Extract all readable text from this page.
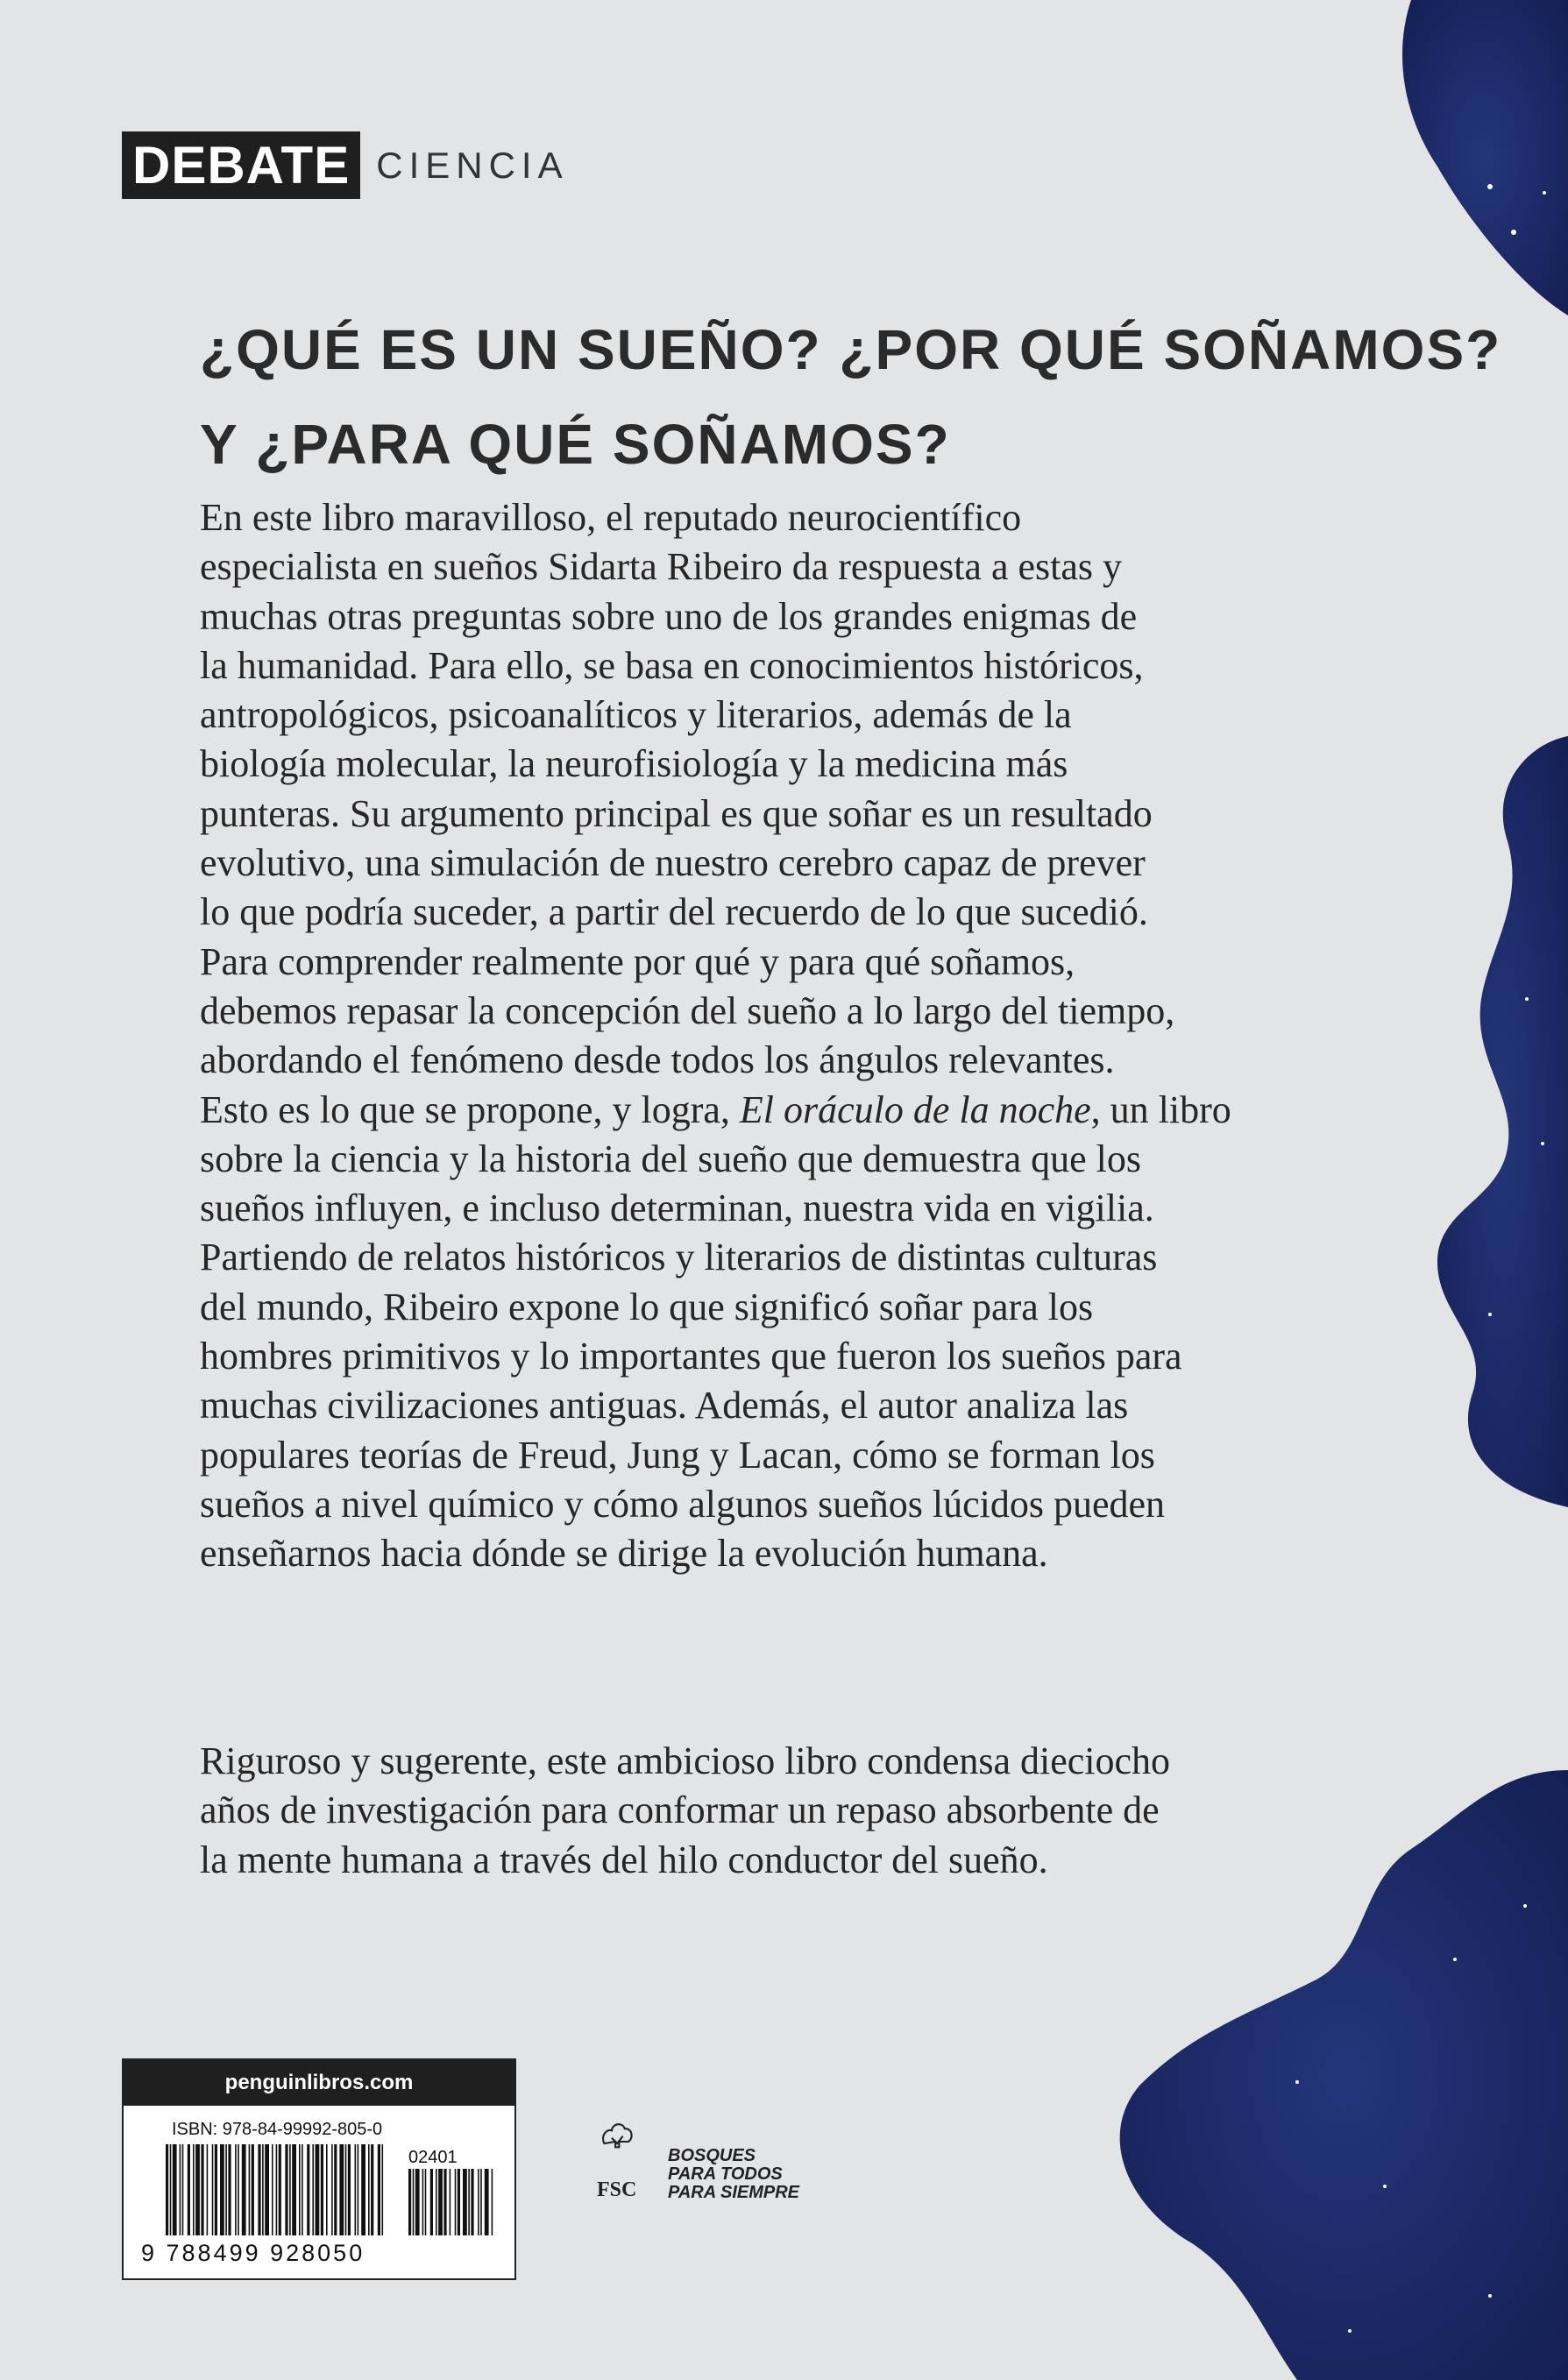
DEBATE CIENCIA
¿QUÉ ES UN SUEÑO? ¿POR QUÉ SOÑAMOS?
Y ¿PARA QUÉ SOÑAMOS?
En este libro maravilloso, el reputado neurocientífico
especialista en sueños Sidarta Ribeiro da respuesta a estas y
muchas otras preguntas sobre uno de los grandes enigmas de
la humanidad. Para ello, se basa en conocimientos históricos,
antropológicos, psicoanalíticos y literarios, además de la
biología molecular, la neurofisiología y la medicina más
punteras. Su argumento principal es que soñar es un resultado
evolutivo, una simulación de nuestro cerebro capaz de prever
lo que podría suceder, a partir del recuerdo de lo que sucedió.
Para comprender realmente por qué y para qué soñamos,
debemos repasar la concepción del sueño a lo largo del tiempo,
abordando el fenómeno desde todos los ángulos relevantes.
Esto es lo que se propone, y logra, El oráculo de la noche, un libro
sobre la ciencia y la historia del sueño que demuestra que los
sueños influyen, e incluso determinan, nuestra vida en vigilia.
Partiendo de relatos históricos y literarios de distintas culturas
del mundo, Ribeiro expone lo que significó soñar para los
hombres primitivos y lo importantes que fueron los sueños para
muchas civilizaciones antiguas. Además, el autor analiza las
populares teorías de Freud, Jung y Lacan, cómo se forman los
sueños a nivel químico y cómo algunos sueños lúcidos pueden
enseñarnos hacia dónde se dirige la evolución humana.
Riguroso y sugerente, este ambicioso libro condensa dieciocho
años de investigación para conformar un repaso absorbente de
la mente humana a través del hilo conductor del sueño.
penguinlibros.com
ISBN: 978-84-99992-805-0
02401
9 788499 928050
FSC
BOSQUES
PARA TODOS
PARA SIEMPRE
